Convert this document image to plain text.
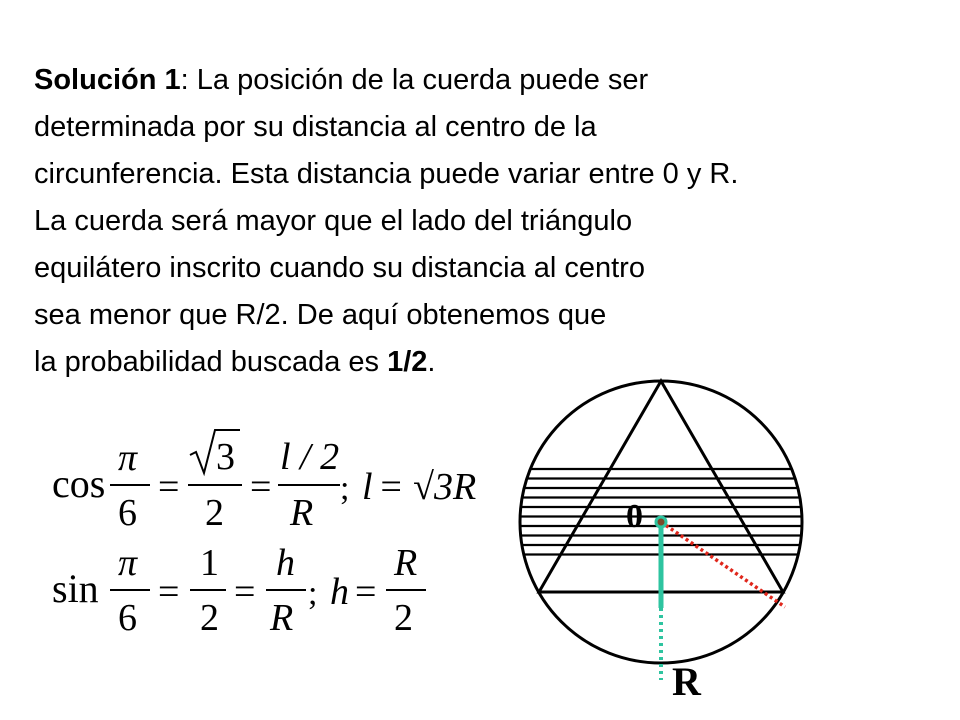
Solución 1: La posición de la cuerda puede ser
determinada por su distancia al centro de la
circunferencia. Esta distancia puede variar entre 0 y R.
La cuerda será mayor que el lado del triángulo
equilátero inscrito cuando su distancia al centro
sea menor que R/2. De aquí obtenemos que
la probabilidad buscada es 1/2.
cos
π
6
=
3
2
=
l / 2
R
; l = √3R
sin
π
6
=
1
2
=
h
R
; h =
R
2
0
R
